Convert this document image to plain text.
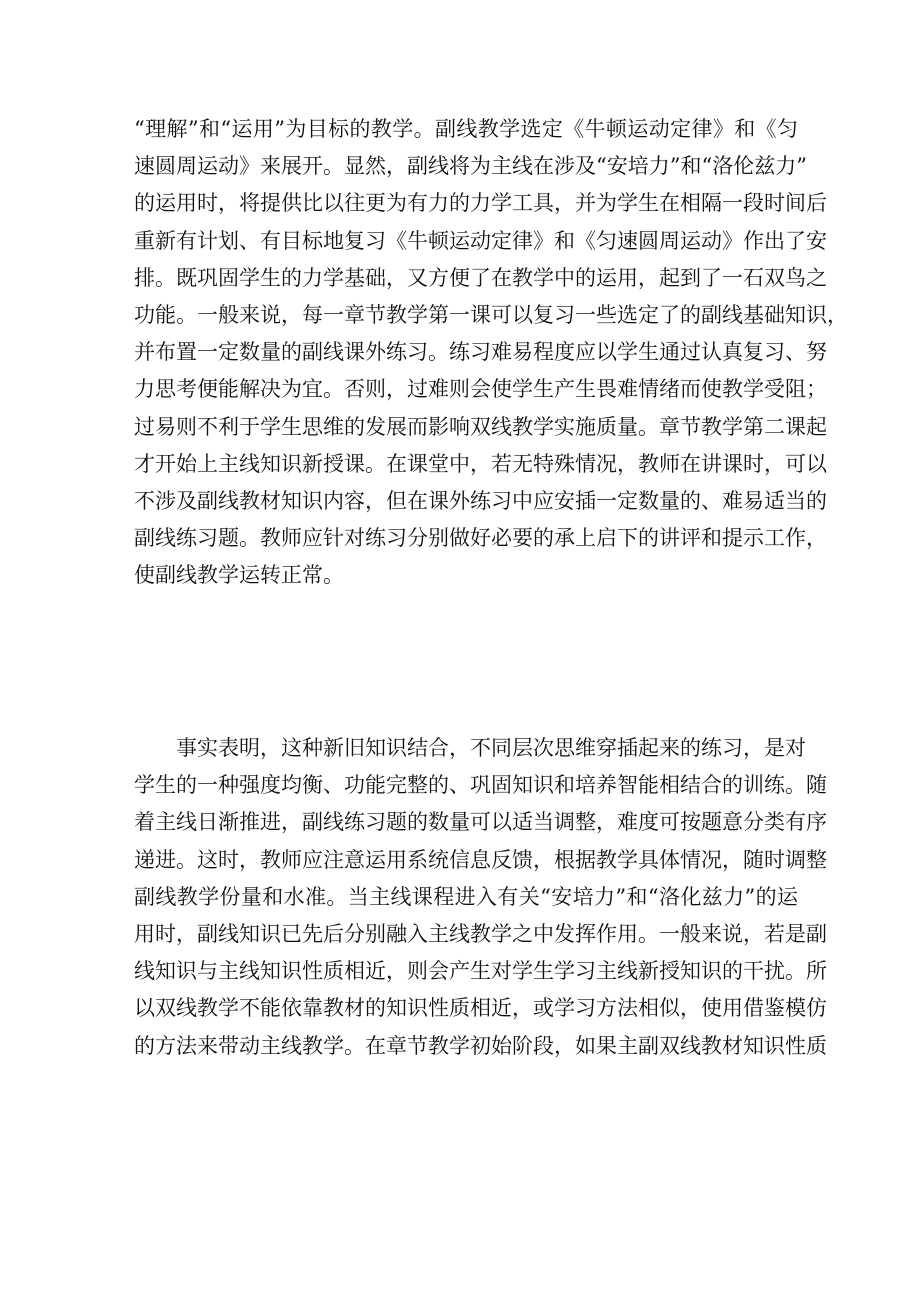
“理解”和“运用”为目标的教学。副线教学选定《牛顿运动定律》和《匀
速圆周运动》来展开。显然，副线将为主线在涉及“安培力”和“洛伦兹力”
的运用时，将提供比以往更为有力的力学工具，并为学生在相隔一段时间后
重新有计划、有目标地复习《牛顿运动定律》和《匀速圆周运动》作出了安
排。既巩固学生的力学基础，又方便了在教学中的运用，起到了一石双鸟之
功能。一般来说，每一章节教学第一课可以复习一些选定了的副线基础知识，
并布置一定数量的副线课外练习。练习难易程度应以学生通过认真复习、努
力思考便能解决为宜。否则，过难则会使学生产生畏难情绪而使教学受阻；
过易则不利于学生思维的发展而影响双线教学实施质量。章节教学第二课起
才开始上主线知识新授课。在课堂中，若无特殊情况，教师在讲课时，可以
不涉及副线教材知识内容，但在课外练习中应安插一定数量的、难易适当的
副线练习题。教师应针对练习分别做好必要的承上启下的讲评和提示工作，
使副线教学运转正常。
事实表明，这种新旧知识结合，不同层次思维穿插起来的练习，是对
学生的一种强度均衡、功能完整的、巩固知识和培养智能相结合的训练。随
着主线日渐推进，副线练习题的数量可以适当调整，难度可按题意分类有序
递进。这时，教师应注意运用系统信息反馈，根据教学具体情况，随时调整
副线教学份量和水准。当主线课程进入有关“安培力”和“洛化兹力”的运
用时，副线知识已先后分别融入主线教学之中发挥作用。一般来说，若是副
线知识与主线知识性质相近，则会产生对学生学习主线新授知识的干扰。所
以双线教学不能依靠教材的知识性质相近，或学习方法相似，使用借鉴模仿
的方法来带动主线教学。在章节教学初始阶段，如果主副双线教材知识性质
